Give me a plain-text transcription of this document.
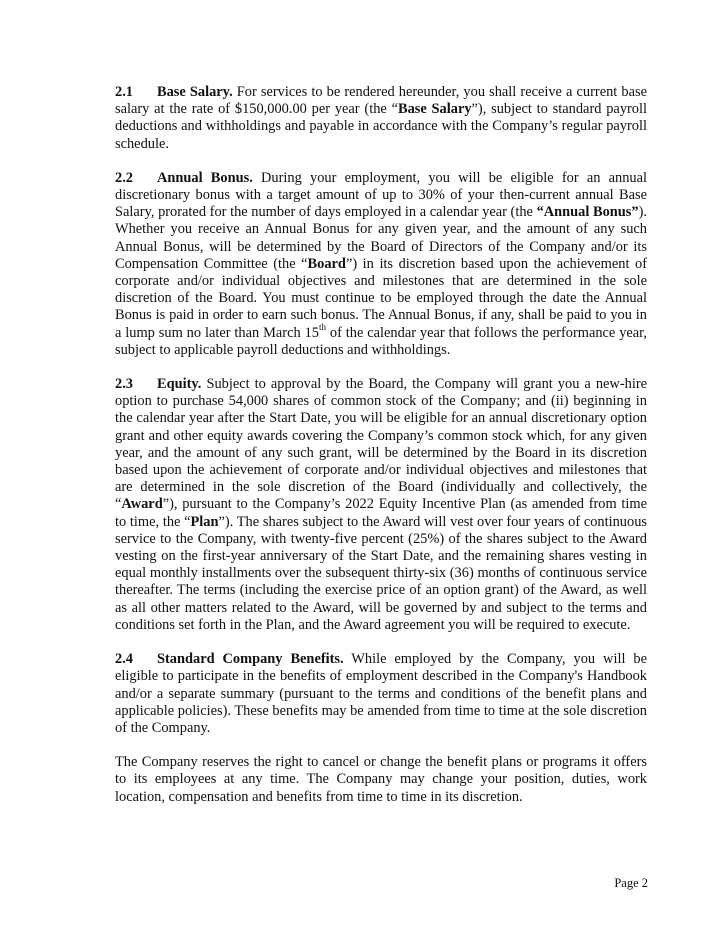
2.1 Base Salary. For services to be rendered hereunder, you shall receive a current base salary at the rate of $150,000.00 per year (the “Base Salary”), subject to standard payroll deductions and withholdings and payable in accordance with the Company’s regular payroll schedule.

2.2 Annual Bonus. During your employment, you will be eligible for an annual discretionary bonus with a target amount of up to 30% of your then-current annual Base Salary, prorated for the number of days employed in a calendar year (the “Annual Bonus”). Whether you receive an Annual Bonus for any given year, and the amount of any such Annual Bonus, will be determined by the Board of Directors of the Company and/or its Compensation Committee (the “Board”) in its discretion based upon the achievement of corporate and/or individual objectives and milestones that are determined in the sole discretion of the Board. You must continue to be employed through the date the Annual Bonus is paid in order to earn such bonus. The Annual Bonus, if any, shall be paid to you in a lump sum no later than March 15th of the calendar year that follows the performance year, subject to applicable payroll deductions and withholdings.

2.3 Equity. Subject to approval by the Board, the Company will grant you a new-hire option to purchase 54,000 shares of common stock of the Company; and (ii) beginning in the calendar year after the Start Date, you will be eligible for an annual discretionary option grant and other equity awards covering the Company’s common stock which, for any given year, and the amount of any such grant, will be determined by the Board in its discretion based upon the achievement of corporate and/or individual objectives and milestones that are determined in the sole discretion of the Board (individually and collectively, the “Award”), pursuant to the Company’s 2022 Equity Incentive Plan (as amended from time to time, the “Plan”). The shares subject to the Award will vest over four years of continuous service to the Company, with twenty-five percent (25%) of the shares subject to the Award vesting on the first-year anniversary of the Start Date, and the remaining shares vesting in equal monthly installments over the subsequent thirty-six (36) months of continuous service thereafter. The terms (including the exercise price of an option grant) of the Award, as well as all other matters related to the Award, will be governed by and subject to the terms and conditions set forth in the Plan, and the Award agreement you will be required to execute.

2.4 Standard Company Benefits. While employed by the Company, you will be eligible to participate in the benefits of employment described in the Company's Handbook and/or a separate summary (pursuant to the terms and conditions of the benefit plans and applicable policies). These benefits may be amended from time to time at the sole discretion of the Company.

The Company reserves the right to cancel or change the benefit plans or programs it offers to its employees at any time. The Company may change your position, duties, work location, compensation and benefits from time to time in its discretion.

Page 2
